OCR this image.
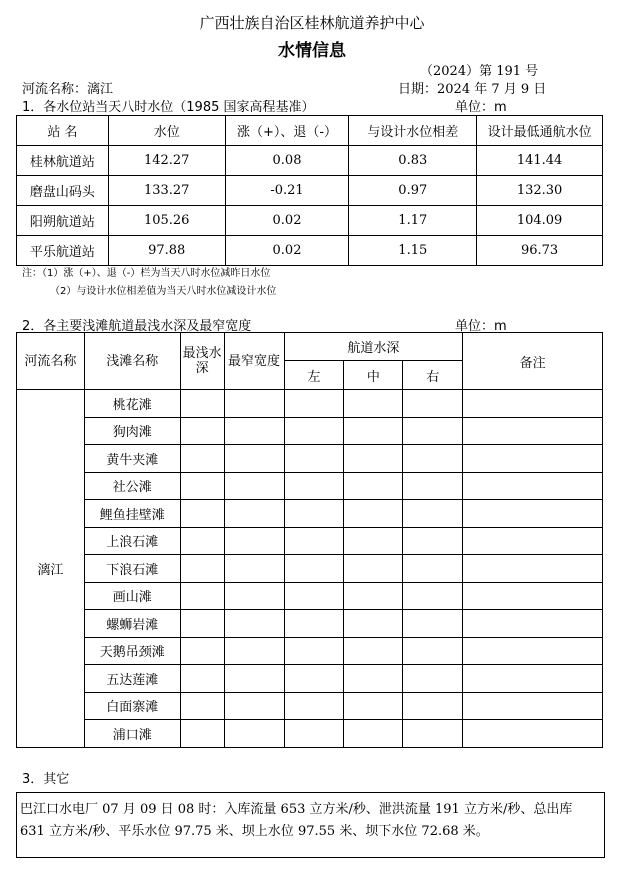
广西壮族自治区桂林航道养护中心
水情信息
（2024）第 191 号
河流名称：漓江	日期：2024 年 7 月 9 日
1．各水位站当天八时水位（1985 国家高程基准）	单位：m
站 名	水位	涨（+）、退（-）	与设计水位相差	设计最低通航水位
桂林航道站	142.27	0.08	0.83	141.44
磨盘山码头	133.27	-0.21	0.97	132.30
阳朔航道站	105.26	0.02	1.17	104.09
平乐航道站	97.88	0.02	1.15	96.73
注：（1）涨（+）、退（-）栏为当天八时水位减昨日水位
（2）与设计水位相差值为当天八时水位减设计水位
2．各主要浅滩航道最浅水深及最窄宽度	单位：m
河流名称	浅滩名称	最浅水深	最窄宽度	航道水深			备注
				左	中	右	
漓江	桃花滩						
	狗肉滩						
	黄牛夹滩						
	社公滩						
	鲤鱼挂壁滩						
	上浪石滩						
	下浪石滩						
	画山滩						
	螺蛳岩滩						
	天鹅吊颈滩						
	五达莲滩						
	白面寨滩						
	浦口滩						
3．其它
巴江口水电厂 07 月 09 日 08 时：入库流量 653 立方米/秒、泄洪流量 191 立方米/秒、总出库 631 立方米/秒、平乐水位 97.75 米、坝上水位 97.55 米、坝下水位 72.68 米。
